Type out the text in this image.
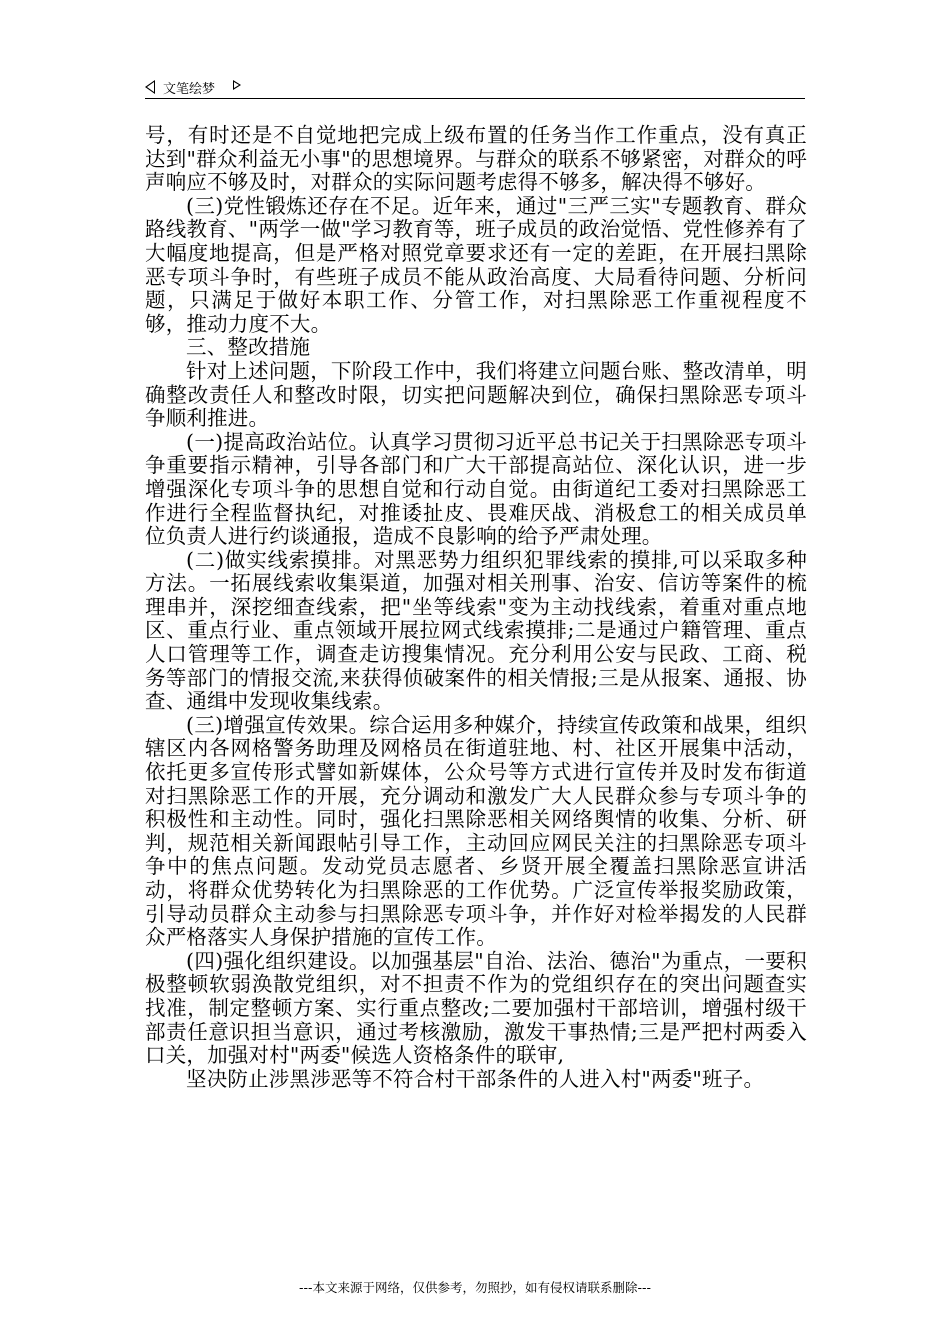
文笔绘梦

号，有时还是不自觉地把完成上级布置的任务当作工作重点，没有真正达到"群众利益无小事"的思想境界。与群众的联系不够紧密，对群众的呼声响应不够及时，对群众的实际问题考虑得不够多，解决得不够好。

(三)党性锻炼还存在不足。近年来，通过"三严三实"专题教育、群众路线教育、"两学一做"学习教育等，班子成员的政治觉悟、党性修养有了大幅度地提高，但是严格对照党章要求还有一定的差距，在开展扫黑除恶专项斗争时，有些班子成员不能从政治高度、大局看待问题、分析问题，只满足于做好本职工作、分管工作，对扫黑除恶工作重视程度不够，推动力度不大。

三、整改措施

针对上述问题，下阶段工作中，我们将建立问题台账、整改清单，明确整改责任人和整改时限，切实把问题解决到位，确保扫黑除恶专项斗争顺利推进。

(一)提高政治站位。认真学习贯彻习近平总书记关于扫黑除恶专项斗争重要指示精神，引导各部门和广大干部提高站位、深化认识，进一步增强深化专项斗争的思想自觉和行动自觉。由街道纪工委对扫黑除恶工作进行全程监督执纪，对推诿扯皮、畏难厌战、消极怠工的相关成员单位负责人进行约谈通报，造成不良影响的给予严肃处理。

(二)做实线索摸排。对黑恶势力组织犯罪线索的摸排,可以采取多种方法。一拓展线索收集渠道，加强对相关刑事、治安、信访等案件的梳理串并，深挖细查线索，把"坐等线索"变为主动找线索，着重对重点地区、重点行业、重点领域开展拉网式线索摸排;二是通过户籍管理、重点人口管理等工作，调查走访搜集情况。充分利用公安与民政、工商、税务等部门的情报交流,来获得侦破案件的相关情报;三是从报案、通报、协查、通缉中发现收集线索。

(三)增强宣传效果。综合运用多种媒介，持续宣传政策和战果，组织辖区内各网格警务助理及网格员在街道驻地、村、社区开展集中活动，依托更多宣传形式譬如新媒体，公众号等方式进行宣传并及时发布街道对扫黑除恶工作的开展，充分调动和激发广大人民群众参与专项斗争的积极性和主动性。同时，强化扫黑除恶相关网络舆情的收集、分析、研判，规范相关新闻跟帖引导工作，主动回应网民关注的扫黑除恶专项斗争中的焦点问题。发动党员志愿者、乡贤开展全覆盖扫黑除恶宣讲活动，将群众优势转化为扫黑除恶的工作优势。广泛宣传举报奖励政策，引导动员群众主动参与扫黑除恶专项斗争，并作好对检举揭发的人民群众严格落实人身保护措施的宣传工作。

(四)强化组织建设。以加强基层"自治、法治、德治"为重点，一要积极整顿软弱涣散党组织，对不担责不作为的党组织存在的突出问题查实找准，制定整顿方案、实行重点整改;二要加强村干部培训，增强村级干部责任意识担当意识，通过考核激励，激发干事热情;三是严把村两委入口关，加强对村"两委"候选人资格条件的联审,

坚决防止涉黑涉恶等不符合村干部条件的人进入村"两委"班子。

---本文来源于网络，仅供参考，勿照抄，如有侵权请联系删除---
